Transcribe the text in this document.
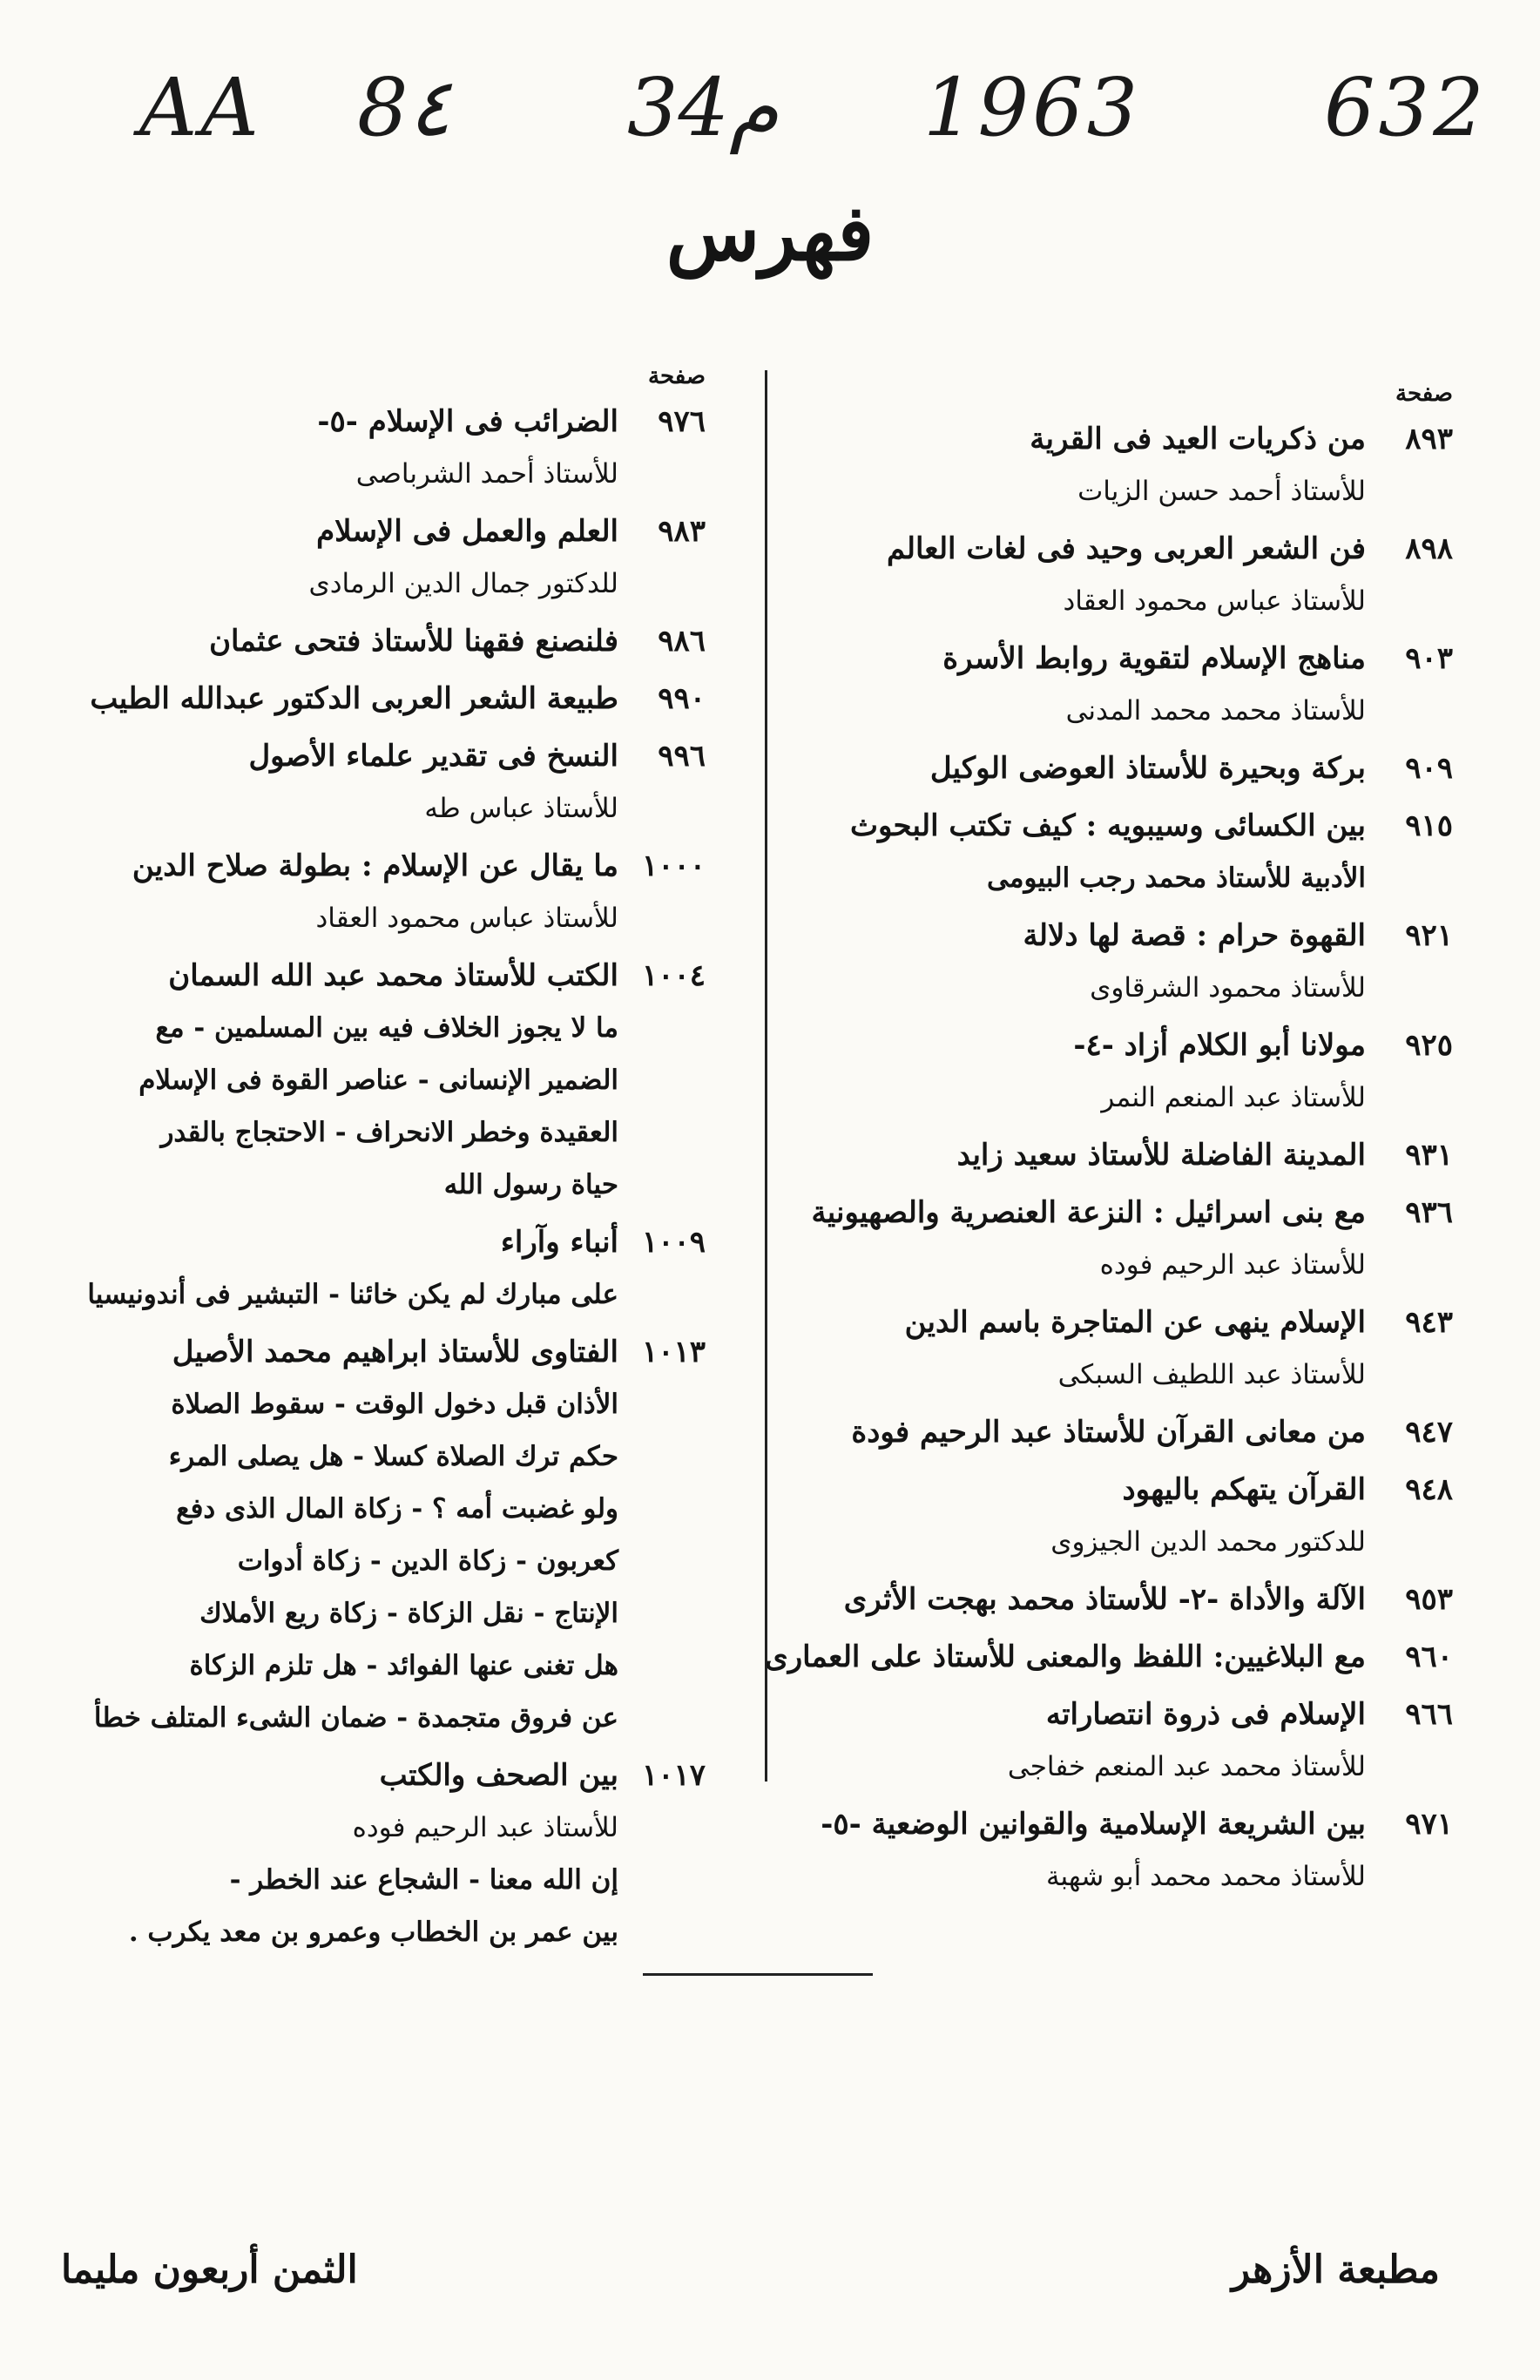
AA 8٤ 34م 1963 632
فهرس
صفحة
٨٩٣
من ذكريات العيد فى القرية
للأستاذ أحمد حسن الزيات
٨٩٨
فن الشعر العربى وحيد فى لغات العالم
للأستاذ عباس محمود العقاد
٩٠٣
مناهج الإسلام لتقوية روابط الأسرة
للأستاذ محمد محمد المدنى
٩٠٩
بركة وبحيرة للأستاذ العوضى الوكيل
٩١٥
بين الكسائى وسيبويه : كيف تكتب البحوث
الأدبية للأستاذ محمد رجب البيومى
٩٢١
القهوة حرام : قصة لها دلالة
للأستاذ محمود الشرقاوى
٩٢٥
مولانا أبو الكلام أزاد -٤-
للأستاذ عبد المنعم النمر
٩٣١
المدينة الفاضلة للأستاذ سعيد زايد
٩٣٦
مع بنى اسرائيل : النزعة العنصرية والصهيونية
للأستاذ عبد الرحيم فوده
٩٤٣
الإسلام ينهى عن المتاجرة باسم الدين
للأستاذ عبد اللطيف السبكى
٩٤٧
من معانى القرآن للأستاذ عبد الرحيم فودة
٩٤٨
القرآن يتهكم باليهود
للدكتور محمد الدين الجيزوى
٩٥٣
الآلة والأداة -٢- للأستاذ محمد بهجت الأثرى
٩٦٠
مع البلاغيين: اللفظ والمعنى للأستاذ على العمارى
٩٦٦
الإسلام فى ذروة انتصاراته
للأستاذ محمد عبد المنعم خفاجى
٩٧١
بين الشريعة الإسلامية والقوانين الوضعية -٥-
للأستاذ محمد محمد أبو شهبة
صفحة
٩٧٦
الضرائب فى الإسلام -٥-
للأستاذ أحمد الشرباصى
٩٨٣
العلم والعمل فى الإسلام
للدكتور جمال الدين الرمادى
٩٨٦
فلنصنع فقهنا للأستاذ فتحى عثمان
٩٩٠
طبيعة الشعر العربى الدكتور عبدالله الطيب
٩٩٦
النسخ فى تقدير علماء الأصول
للأستاذ عباس طه
١٠٠٠
ما يقال عن الإسلام : بطولة صلاح الدين
للأستاذ عباس محمود العقاد
١٠٠٤
الكتب للأستاذ محمد عبد الله السمان
ما لا يجوز الخلاف فيه بين المسلمين - مع
الضمير الإنسانى - عناصر القوة فى الإسلام
العقيدة وخطر الانحراف - الاحتجاج بالقدر
حياة رسول الله
١٠٠٩
أنباء وآراء
على مبارك لم يكن خائنا - التبشير فى أندونيسيا
١٠١٣
الفتاوى للأستاذ ابراهيم محمد الأصيل
الأذان قبل دخول الوقت - سقوط الصلاة
حكم ترك الصلاة كسلا - هل يصلى المرء
ولو غضبت أمه ؟ - زكاة المال الذى دفع
كعربون - زكاة الدين - زكاة أدوات
الإنتاج - نقل الزكاة - زكاة ريع الأملاك
هل تغنى عنها الفوائد - هل تلزم الزكاة
عن فروق متجمدة - ضمان الشىء المتلف خطأ
١٠١٧
بين الصحف والكتب
للأستاذ عبد الرحيم فوده
إن الله معنا - الشجاع عند الخطر -
بين عمر بن الخطاب وعمرو بن معد يكرب .
مطبعة الأزهر
الثمن أربعون مليما
